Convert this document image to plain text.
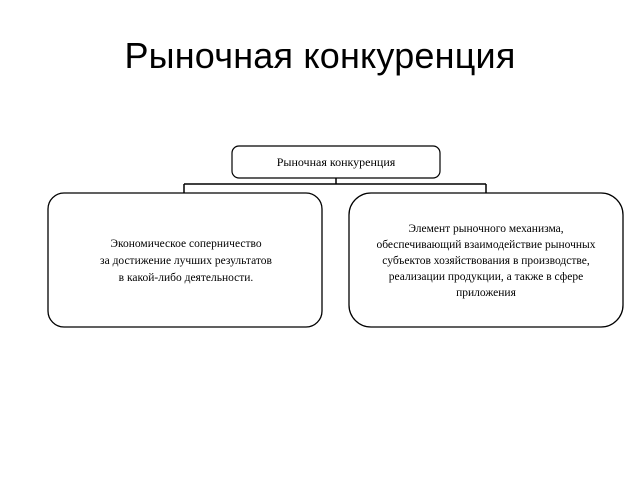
Рыночная конкуренция
Рыночная конкуренция
Экономическое соперничество
за достижение лучших результатов
в какой-либо деятельности.
Элемент рыночного механизма,
обеспечивающий взаимодействие рыночных
субъектов хозяйствования в производстве,
реализации продукции, а также в сфере
приложения
